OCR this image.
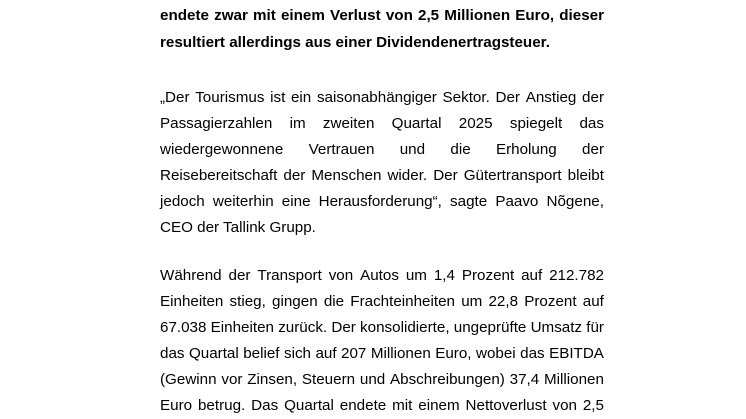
endete zwar mit einem Verlust von 2,5 Millionen Euro, dieser
resultiert allerdings aus einer Dividendenertragsteuer.
„Der Tourismus ist ein saisonabhängiger Sektor. Der Anstieg der
Passagierzahlen im zweiten Quartal 2025 spiegelt das
wiedergewonnene Vertrauen und die Erholung der
Reisebereitschaft der Menschen wider. Der Gütertransport bleibt
jedoch weiterhin eine Herausforderung“, sagte Paavo Nõgene,
CEO der Tallink Grupp.
Während der Transport von Autos um 1,4 Prozent auf 212.782
Einheiten stieg, gingen die Frachteinheiten um 22,8 Prozent auf
67.038 Einheiten zurück. Der konsolidierte, ungeprüfte Umsatz für
das Quartal belief sich auf 207 Millionen Euro, wobei das EBITDA
(Gewinn vor Zinsen, Steuern und Abschreibungen) 37,4 Millionen
Euro betrug. Das Quartal endete mit einem Nettoverlust von 2,5
